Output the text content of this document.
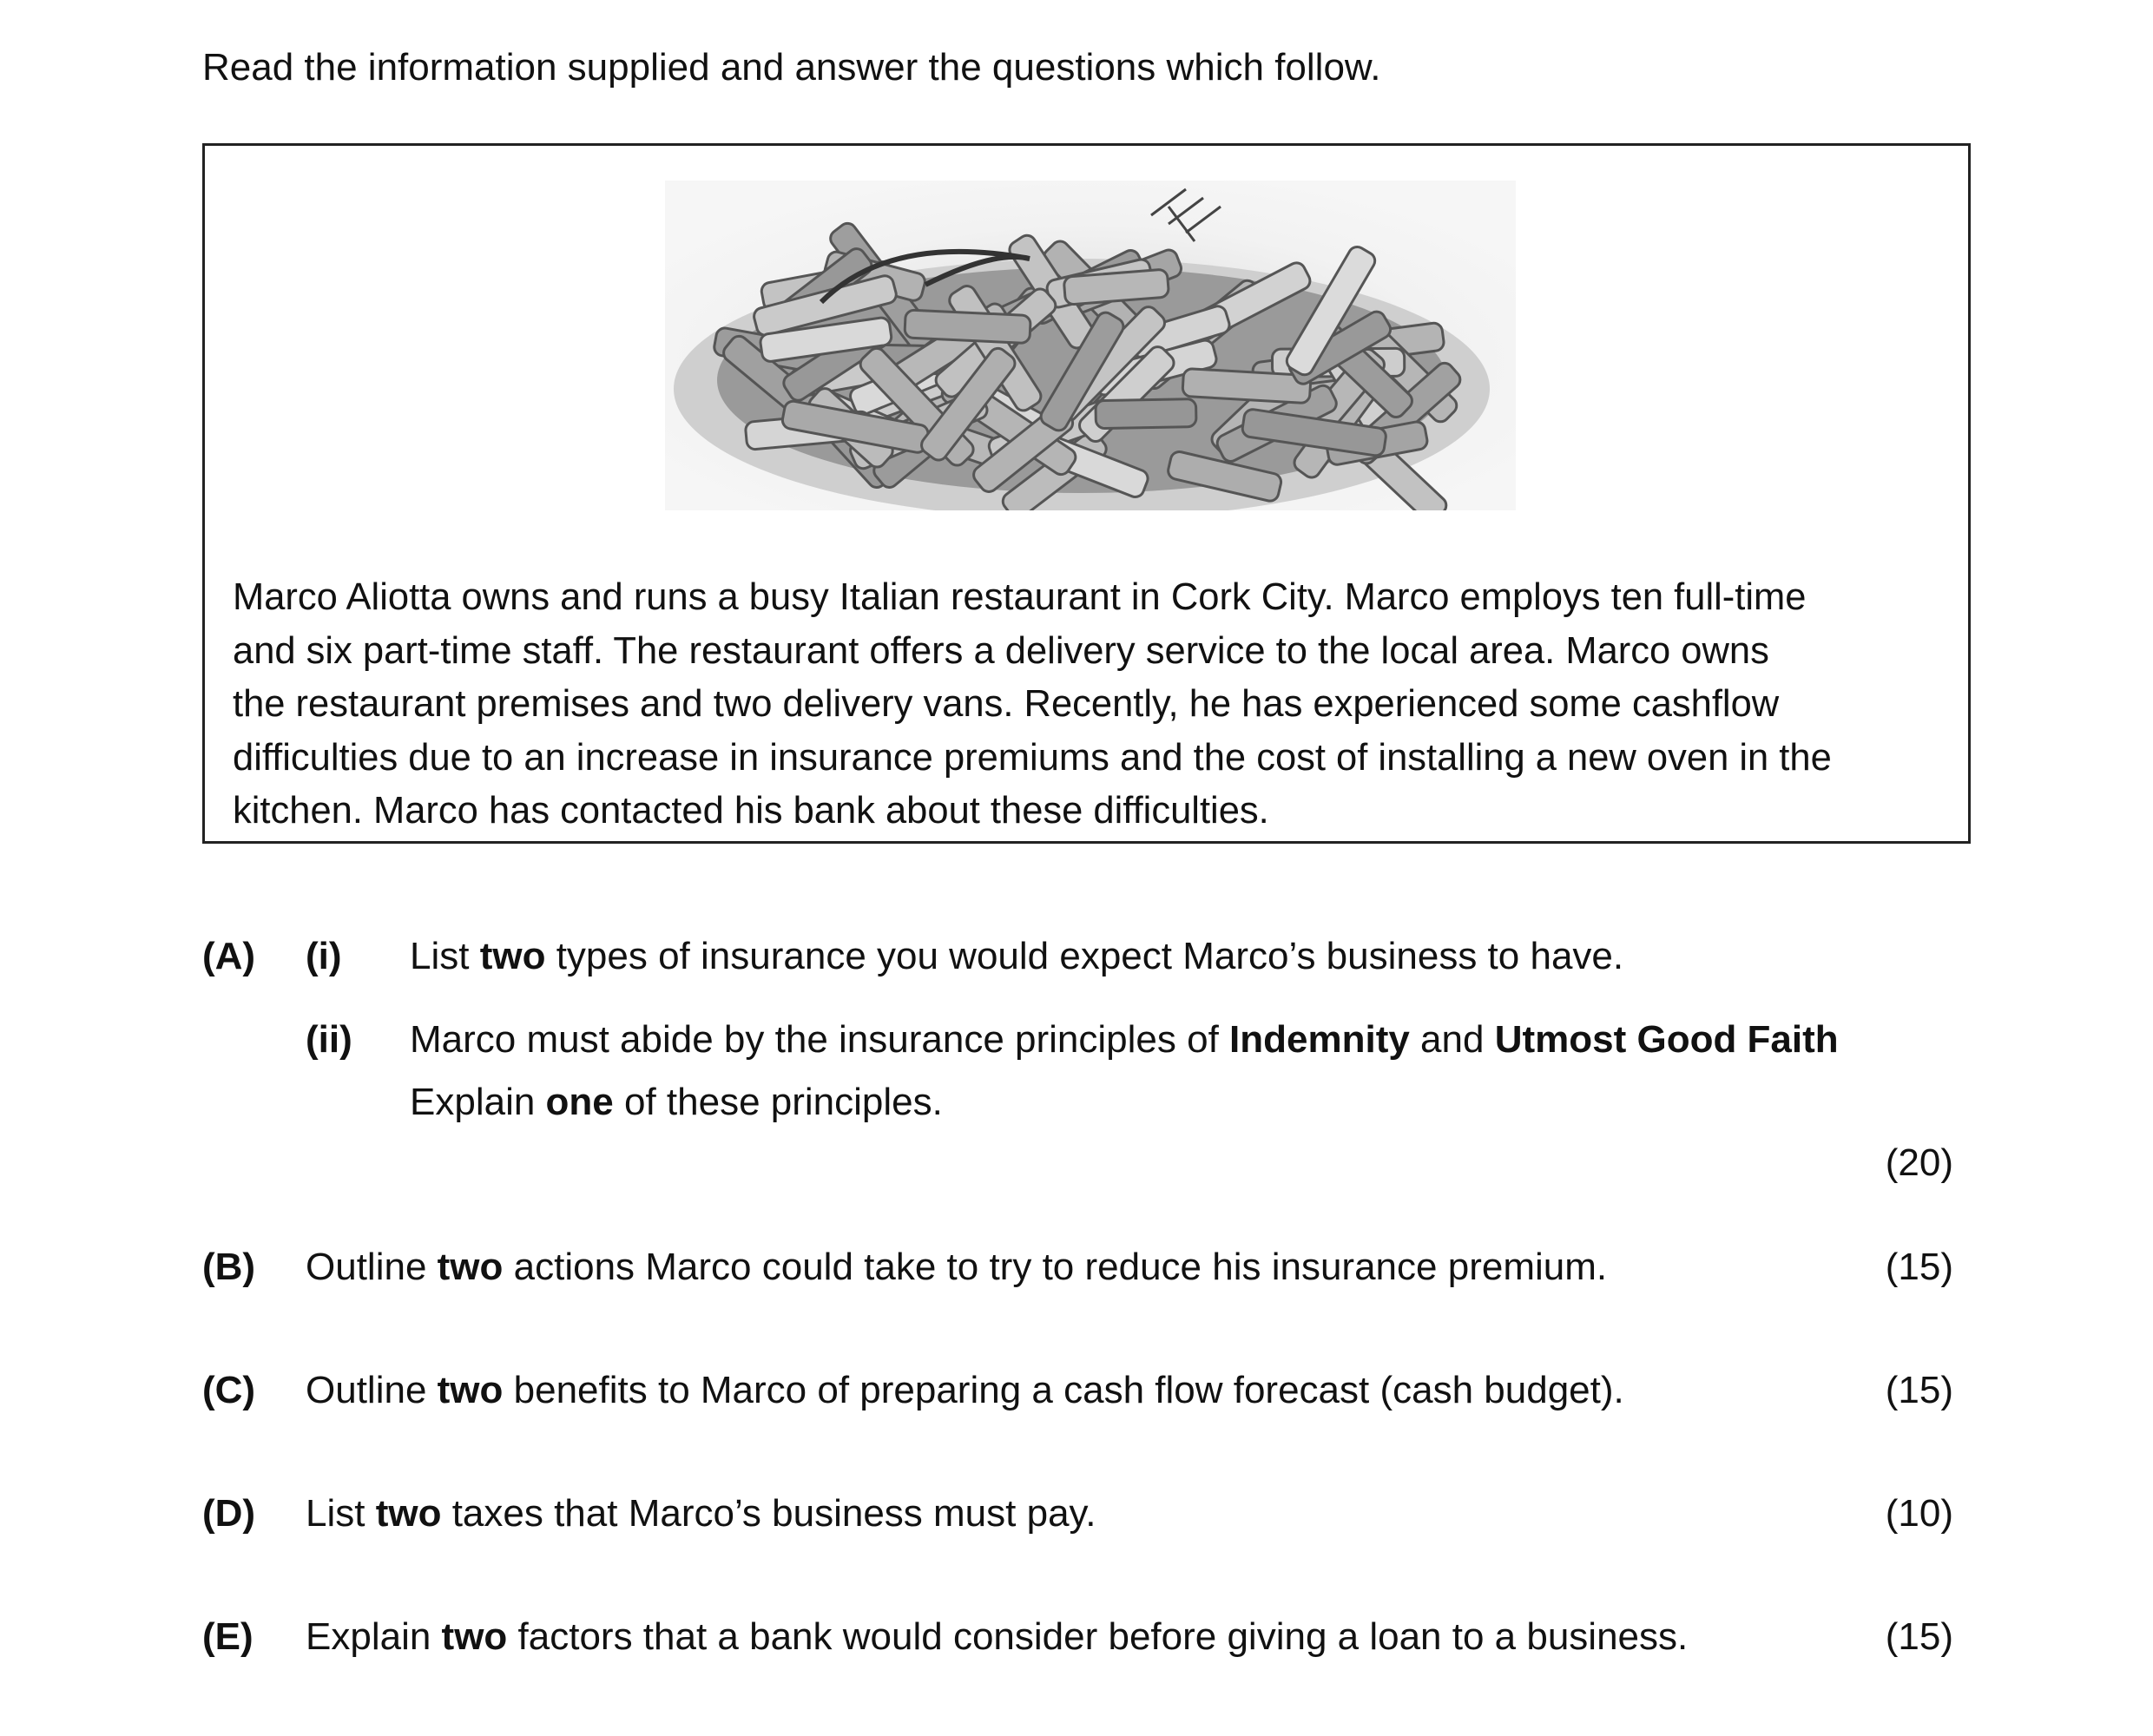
Read the information supplied and answer the questions which follow.

Marco Aliotta owns and runs a busy Italian restaurant in Cork City. Marco employs ten full-time

and six part-time staff. The restaurant offers a delivery service to the local area. Marco owns

the restaurant premises and two delivery vans. Recently, he has experienced some cashflow

difficulties due to an increase in insurance premiums and the cost of installing a new oven in the

kitchen. Marco has contacted his bank about these difficulties.

(A) (i) List two types of insurance you would expect Marco’s business to have.
(ii) Marco must abide by the insurance principles of Indemnity and Utmost Good Faith
Explain one of these principles.
(20)
(B) Outline two actions Marco could take to try to reduce his insurance premium.	(15)
(C) Outline two benefits to Marco of preparing a cash flow forecast (cash budget).	(15)
(D) List two taxes that Marco’s business must pay.	(10)
(E) Explain two factors that a bank would consider before giving a loan to a business.	(15)
